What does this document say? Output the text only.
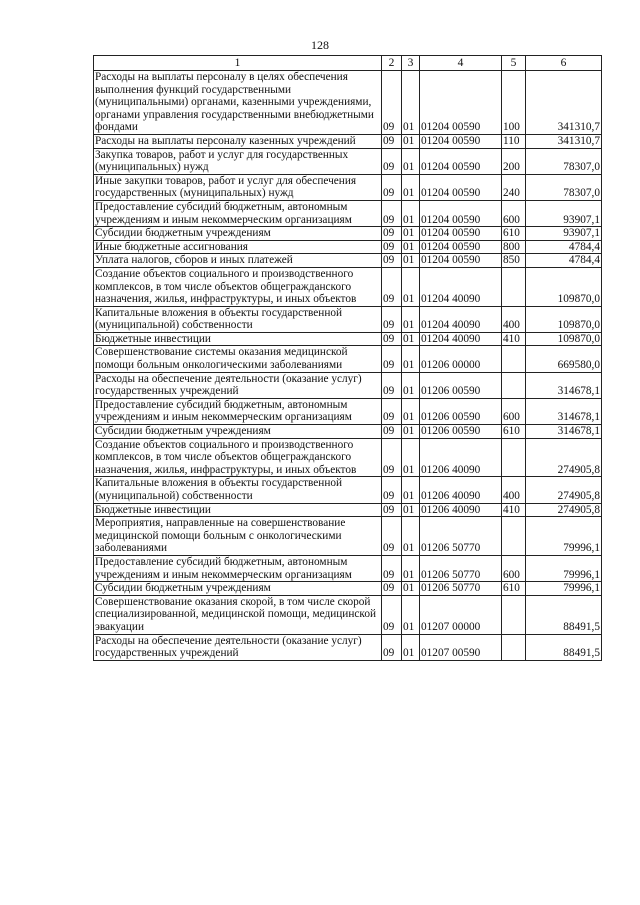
128
1	2	3	4	5	6
Расходы на выплаты персоналу в целях обеспечения выполнения функций государственными (муниципальными) органами, казенными учреждениями, органами управления государственными внебюджетными фондами	09	01	01204 00590	100	341310,7
Расходы на выплаты персоналу казенных учреждений	09	01	01204 00590	110	341310,7
Закупка товаров, работ и услуг для государственных (муниципальных) нужд	09	01	01204 00590	200	78307,0
Иные закупки товаров, работ и услуг для обеспечения государственных (муниципальных) нужд	09	01	01204 00590	240	78307,0
Предоставление субсидий бюджетным, автономным учреждениям и иным некоммерческим организациям	09	01	01204 00590	600	93907,1
Субсидии бюджетным учреждениям	09	01	01204 00590	610	93907,1
Иные бюджетные ассигнования	09	01	01204 00590	800	4784,4
Уплата налогов, сборов и иных платежей	09	01	01204 00590	850	4784,4
Создание объектов социального и производственного комплексов, в том числе объектов общегражданского назначения, жилья, инфраструктуры, и иных объектов	09	01	01204 40090		109870,0
Капитальные вложения в объекты государственной (муниципальной) собственности	09	01	01204 40090	400	109870,0
Бюджетные инвестиции	09	01	01204 40090	410	109870,0
Совершенствование системы оказания медицинской помощи больным онкологическими заболеваниями	09	01	01206 00000		669580,0
Расходы на обеспечение деятельности (оказание услуг) государственных учреждений	09	01	01206 00590		314678,1
Предоставление субсидий бюджетным, автономным учреждениям и иным некоммерческим организациям	09	01	01206 00590	600	314678,1
Субсидии бюджетным учреждениям	09	01	01206 00590	610	314678,1
Создание объектов социального и производственного комплексов, в том числе объектов общегражданского назначения, жилья, инфраструктуры, и иных объектов	09	01	01206 40090		274905,8
Капитальные вложения в объекты государственной (муниципальной) собственности	09	01	01206 40090	400	274905,8
Бюджетные инвестиции	09	01	01206 40090	410	274905,8
Мероприятия, направленные на совершенствование медицинской помощи больным с онкологическими заболеваниями	09	01	01206 50770		79996,1
Предоставление субсидий бюджетным, автономным учреждениям и иным некоммерческим организациям	09	01	01206 50770	600	79996,1
Субсидии бюджетным учреждениям	09	01	01206 50770	610	79996,1
Совершенствование оказания скорой, в том числе скорой специализированной, медицинской помощи, медицинской эвакуации	09	01	01207 00000		88491,5
Расходы на обеспечение деятельности (оказание услуг) государственных учреждений	09	01	01207 00590		88491,5
